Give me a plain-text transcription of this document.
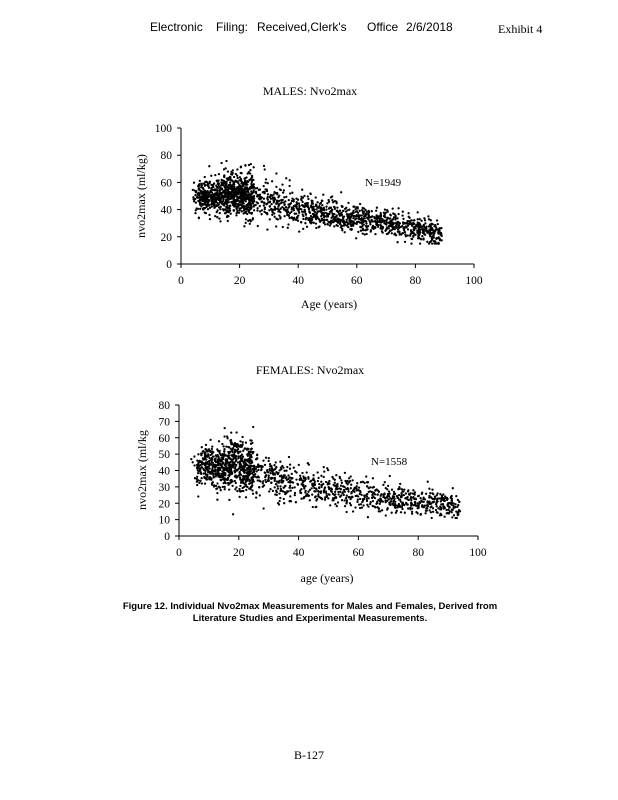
Electronic Filing: Received,Clerk's Office 2/6/2018	Exhibit 4
MALES: Nvo2max
FEMALES: Nvo2max
0
20
40
60
80
100
0	20	40	60	80	100
Age (years)
nvo2max (ml/kg)	N=1949
0
10
20
30
40
50
60
70
80
0	20	40	60	80	100
age (years)
nvo2max (ml/kg	N=1558
Figure 12. Individual Nvo2max Measurements for Males and Females, Derived from
Literature Studies and Experimental Measurements.
B-127
